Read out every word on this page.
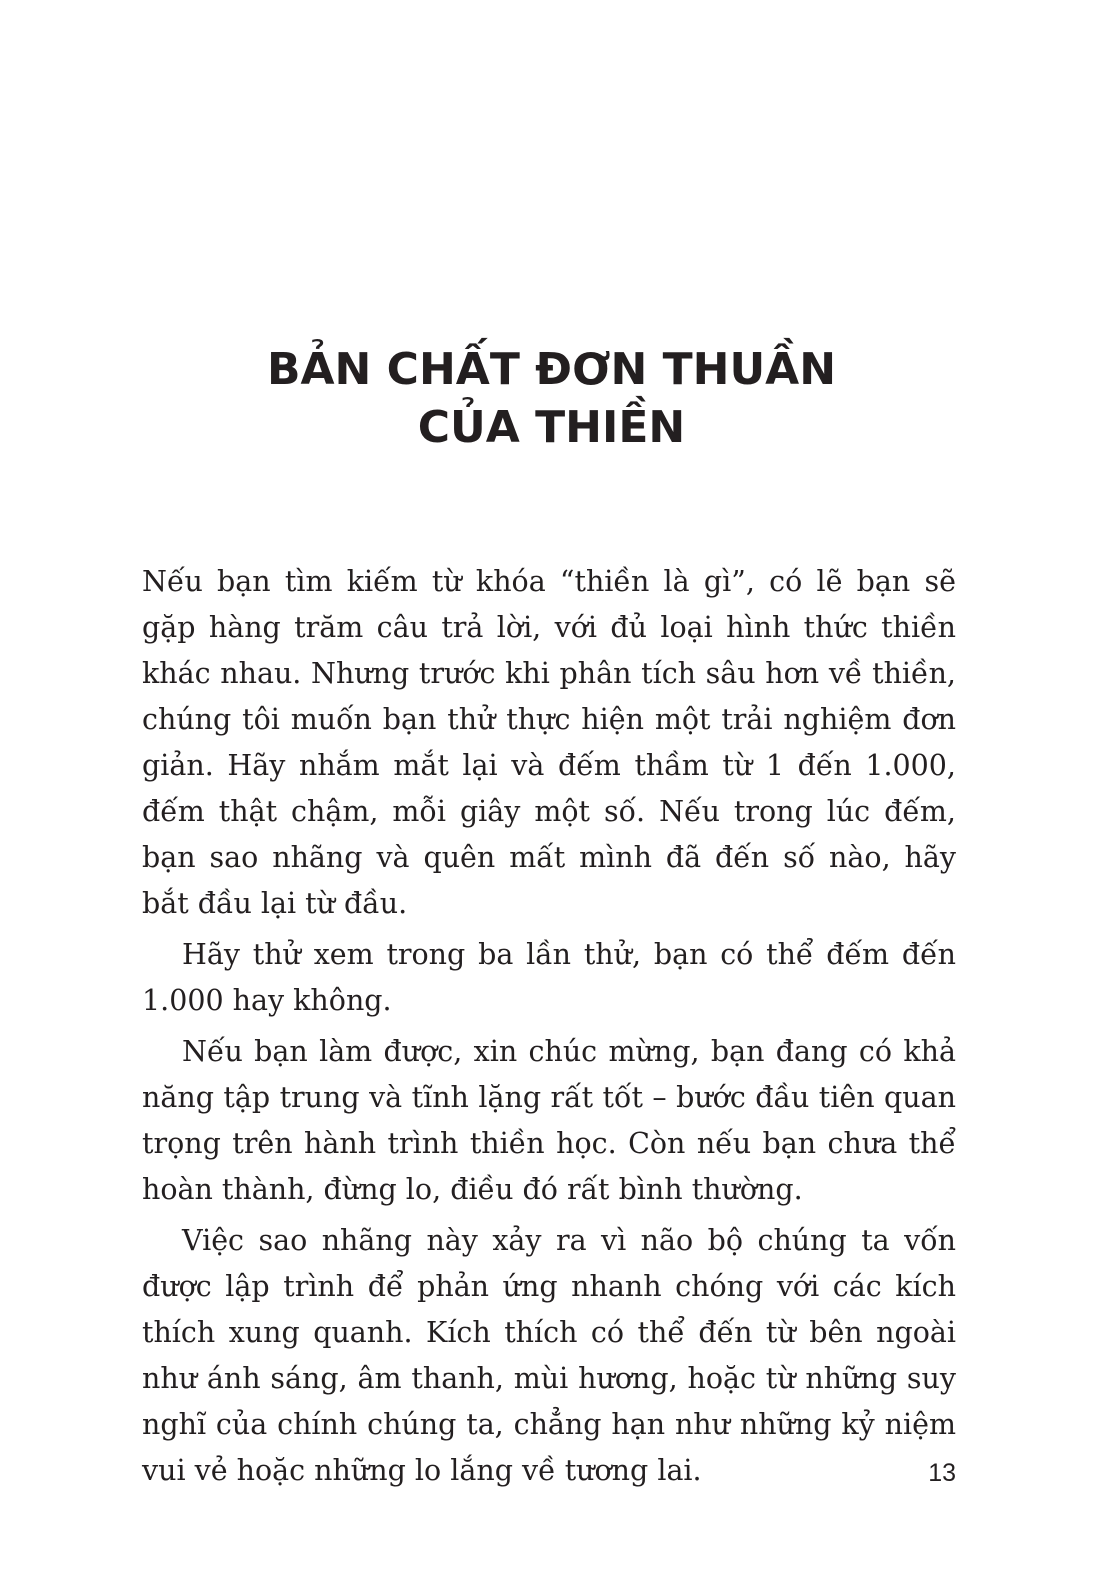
BẢN CHẤT ĐƠN THUẦN
CỦA THIỀN

Nếu bạn tìm kiếm từ khóa “thiền là gì”, có lẽ bạn sẽ gặp hàng trăm câu trả lời, với đủ loại hình thức thiền khác nhau. Nhưng trước khi phân tích sâu hơn về thiền, chúng tôi muốn bạn thử thực hiện một trải nghiệm đơn giản. Hãy nhắm mắt lại và đếm thầm từ 1 đến 1.000, đếm thật chậm, mỗi giây một số. Nếu trong lúc đếm, bạn sao nhãng và quên mất mình đã đến số nào, hãy bắt đầu lại từ đầu.

Hãy thử xem trong ba lần thử, bạn có thể đếm đến 1.000 hay không.

Nếu bạn làm được, xin chúc mừng, bạn đang có khả năng tập trung và tĩnh lặng rất tốt – bước đầu tiên quan trọng trên hành trình thiền học. Còn nếu bạn chưa thể hoàn thành, đừng lo, điều đó rất bình thường.

Việc sao nhãng này xảy ra vì não bộ chúng ta vốn được lập trình để phản ứng nhanh chóng với các kích thích xung quanh. Kích thích có thể đến từ bên ngoài như ánh sáng, âm thanh, mùi hương, hoặc từ những suy nghĩ của chính chúng ta, chẳng hạn như những kỷ niệm vui vẻ hoặc những lo lắng về tương lai.	13
